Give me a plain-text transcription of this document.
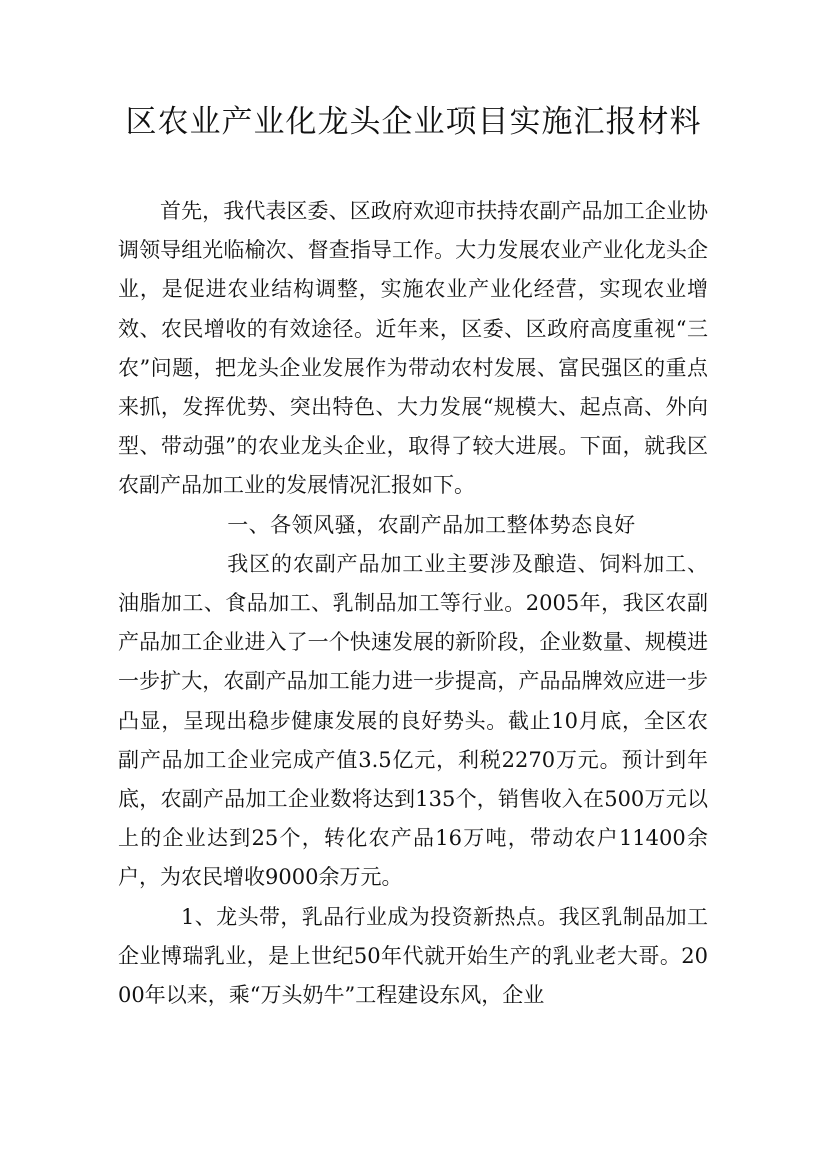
区农业产业化龙头企业项目实施汇报材料

首先，我代表区委、区政府欢迎市扶持农副产品加工企业协调领导组光临榆次、督查指导工作。大力发展农业产业化龙头企业，是促进农业结构调整，实施农业产业化经营，实现农业增效、农民增收的有效途径。近年来，区委、区政府高度重视“三农”问题，把龙头企业发展作为带动农村发展、富民强区的重点来抓，发挥优势、突出特色、大力发展“规模大、起点高、外向型、带动强”的农业龙头企业，取得了较大进展。下面，就我区农副产品加工业的发展情况汇报如下。

一、各领风骚，农副产品加工整体势态良好

我区的农副产品加工业主要涉及酿造、饲料加工、油脂加工、食品加工、乳制品加工等行业。2005年，我区农副产品加工企业进入了一个快速发展的新阶段，企业数量、规模进一步扩大，农副产品加工能力进一步提高，产品品牌效应进一步凸显，呈现出稳步健康发展的良好势头。截止10月底，全区农副产品加工企业完成产值3.5亿元，利税2270万元。预计到年底，农副产品加工企业数将达到135个，销售收入在500万元以上的企业达到25个，转化农产品16万吨，带动农户11400余户，为农民增收9000余万元。

1、龙头带，乳品行业成为投资新热点。我区乳制品加工企业博瑞乳业，是上世纪50年代就开始生产的乳业老大哥。2000年以来，乘“万头奶牛”工程建设东风，企业
